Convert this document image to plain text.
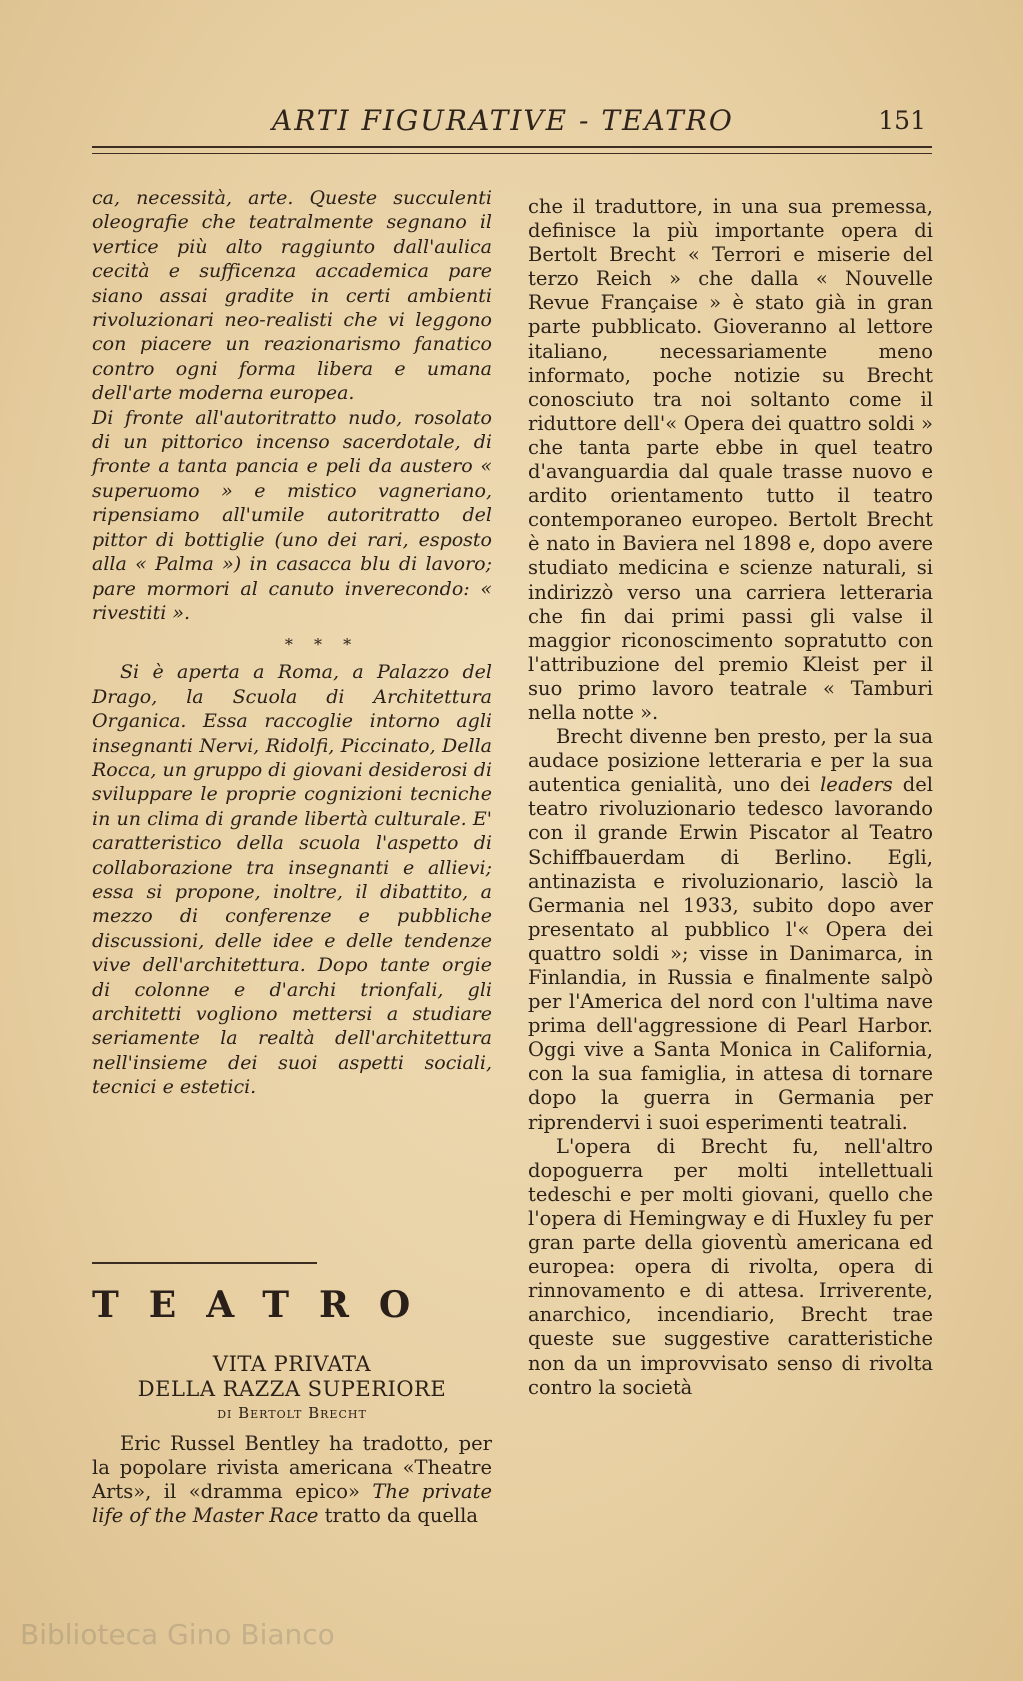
ARTI FIGURATIVE - TEATRO	151

ca, necessità, arte. Queste succulenti oleografie che teatralmente segnano il vertice più alto raggiunto dall'aulica cecità e sufficenza accademica pare siano assai gradite in certi ambienti rivoluzionari neo-realisti che vi leggono con piacere un reazionarismo fanatico contro ogni forma libera e umana dell'arte moderna europea.

Di fronte all'autoritratto nudo, rosolato di un pittorico incenso sacerdotale, di fronte a tanta pancia e peli da austero « superuomo » e mistico vagneriano, ripensiamo all'umile autoritratto del pittor di bottiglie (uno dei rari, esposto alla « Palma ») in casacca blu di lavoro; pare mormori al canuto inverecondo: « rivestiti ».

* * *

Si è aperta a Roma, a Palazzo del Drago, la Scuola di Architettura Organica. Essa raccoglie intorno agli insegnanti Nervi, Ridolfi, Piccinato, Della Rocca, un gruppo di giovani desiderosi di sviluppare le proprie cognizioni tecniche in un clima di grande libertà culturale. E' caratteristico della scuola l'aspetto di collaborazione tra insegnanti e allievi; essa si propone, inoltre, il dibattito, a mezzo di conferenze e pubbliche discussioni, delle idee e delle tendenze vive dell'architettura. Dopo tante orgie di colonne e d'archi trionfali, gli architetti vogliono mettersi a studiare seriamente la realtà dell'architettura nell'insieme dei suoi aspetti sociali, tecnici e estetici.

TEATRO
VITA PRIVATA
DELLA RAZZA SUPERIORE
di Bertolt Brecht

Eric Russel Bentley ha tradotto, per la popolare rivista americana «Theatre Arts», il «dramma epico» The private life of the Master Race tratto da quella

che il traduttore, in una sua premessa, definisce la più importante opera di Bertolt Brecht « Terrori e miserie del terzo Reich » che dalla « Nouvelle Revue Française » è stato già in gran parte pubblicato. Gioveranno al lettore italiano, necessariamente meno informato, poche notizie su Brecht conosciuto tra noi soltanto come il riduttore dell'« Opera dei quattro soldi » che tanta parte ebbe in quel teatro d'avanguardia dal quale trasse nuovo e ardito orientamento tutto il teatro contemporaneo europeo. Bertolt Brecht è nato in Baviera nel 1898 e, dopo avere studiato medicina e scienze naturali, si indirizzò verso una carriera letteraria che fin dai primi passi gli valse il maggior riconoscimento sopratutto con l'attribuzione del premio Kleist per il suo primo lavoro teatrale « Tamburi nella notte ».

Brecht divenne ben presto, per la sua audace posizione letteraria e per la sua autentica genialità, uno dei leaders del teatro rivoluzionario tedesco lavorando con il grande Erwin Piscator al Teatro Schiffbauerdam di Berlino. Egli, antinazista e rivoluzionario, lasciò la Germania nel 1933, subito dopo aver presentato al pubblico l'« Opera dei quattro soldi »; visse in Danimarca, in Finlandia, in Russia e finalmente salpò per l'America del nord con l'ultima nave prima dell'aggressione di Pearl Harbor. Oggi vive a Santa Monica in California, con la sua famiglia, in attesa di tornare dopo la guerra in Germania per riprendervi i suoi esperimenti teatrali.

L'opera di Brecht fu, nell'altro dopoguerra per molti intellettuali tedeschi e per molti giovani, quello che l'opera di Hemingway e di Huxley fu per gran parte della gioventù americana ed europea: opera di rivolta, opera di rinnovamento e di attesa. Irriverente, anarchico, incendiario, Brecht trae queste sue suggestive caratteristiche non da un improvvisato senso di rivolta contro la società

Biblioteca Gino Bianco
